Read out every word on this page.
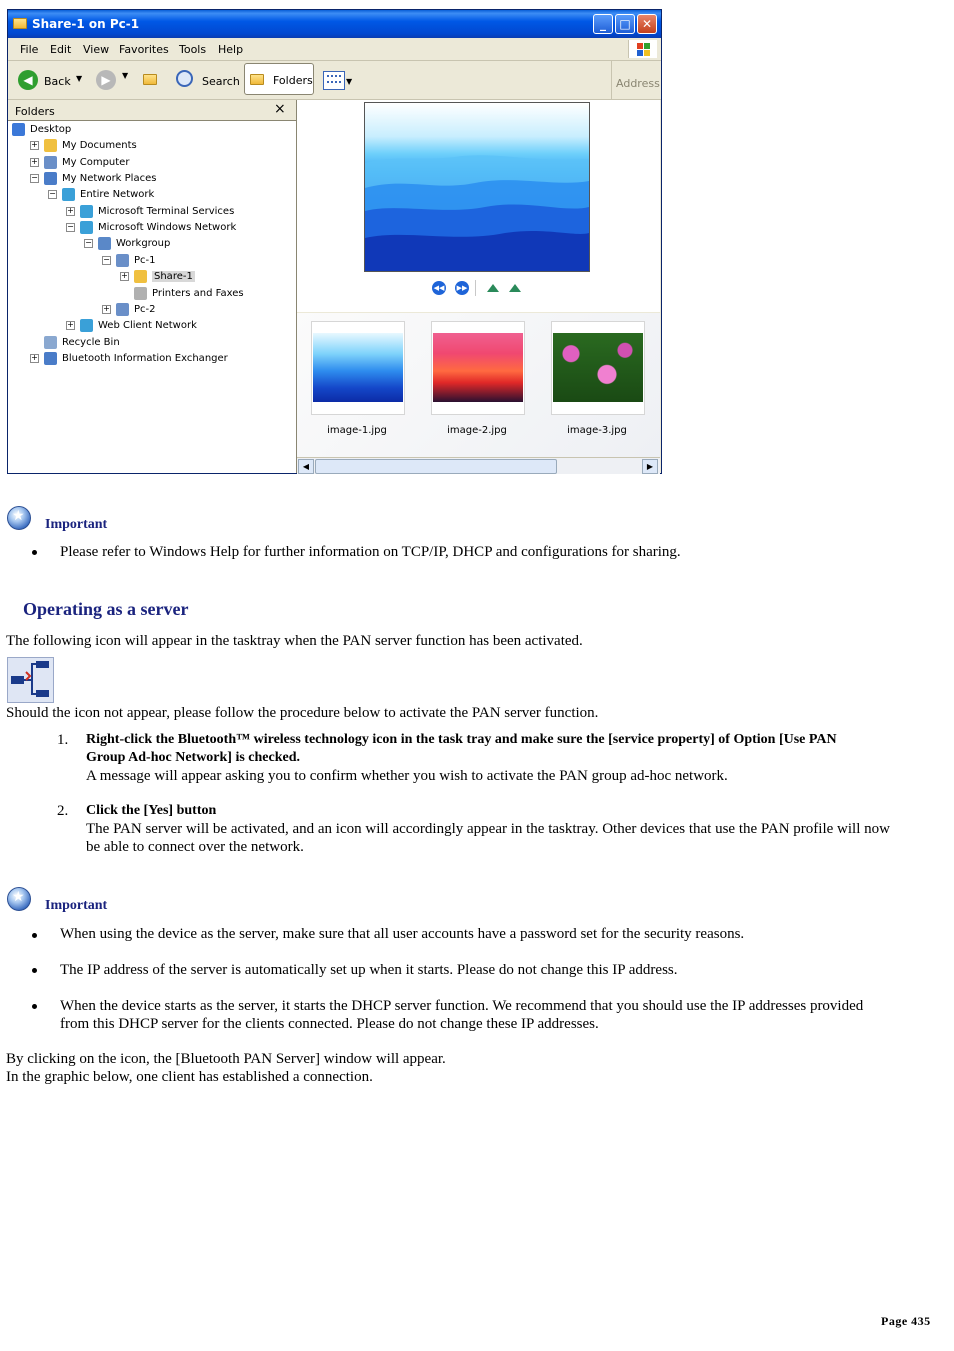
Share-1 on Pc-1	_	□ ✕
File Edit View Favorites Tools Help
◀	Back ▼	▶	▼	Search	Folders	▼	Address
Folders	×
Desktop
+ My Documents
+ My Computer
− My Network Places
− Entire Network
+ Microsoft Terminal Services
− Microsoft Windows Network
− Workgroup
− Pc-1
+	Share-1
Printers and Faxes
+ Pc-2
+ Web Client Network
Recycle Bin
+ Bluetooth Information Exchanger
◀◀ ▶▶
image-1.jpg	image-2.jpg	image-3.jpg
◀	▶
★
Important
Please refer to Windows Help for further information on TCP/IP, DHCP and configurations for sharing.
Operating as a server
The following icon will appear in the tasktray when the PAN server function has been activated.
Should the icon not appear, please follow the procedure below to activate the PAN server function.
1. Right-click the Bluetooth™ wireless technology icon in the task tray and make sure the [service property] of Option [Use PAN
Group Ad-hoc Network] is checked.
A message will appear asking you to confirm whether you wish to activate the PAN group ad-hoc network.
2. Click the [Yes] button
The PAN server will be activated, and an icon will accordingly appear in the tasktray. Other devices that use the PAN profile will now
be able to connect over the network.
★
Important
When using the device as the server, make sure that all user accounts have a password set for the security reasons.
The IP address of the server is automatically set up when it starts. Please do not change this IP address.
When the device starts as the server, it starts the DHCP server function. We recommend that you should use the IP addresses provided
from this DHCP server for the clients connected. Please do not change these IP addresses.
By clicking on the icon, the [Bluetooth PAN Server] window will appear.
In the graphic below, one client has established a connection.
Page 435
